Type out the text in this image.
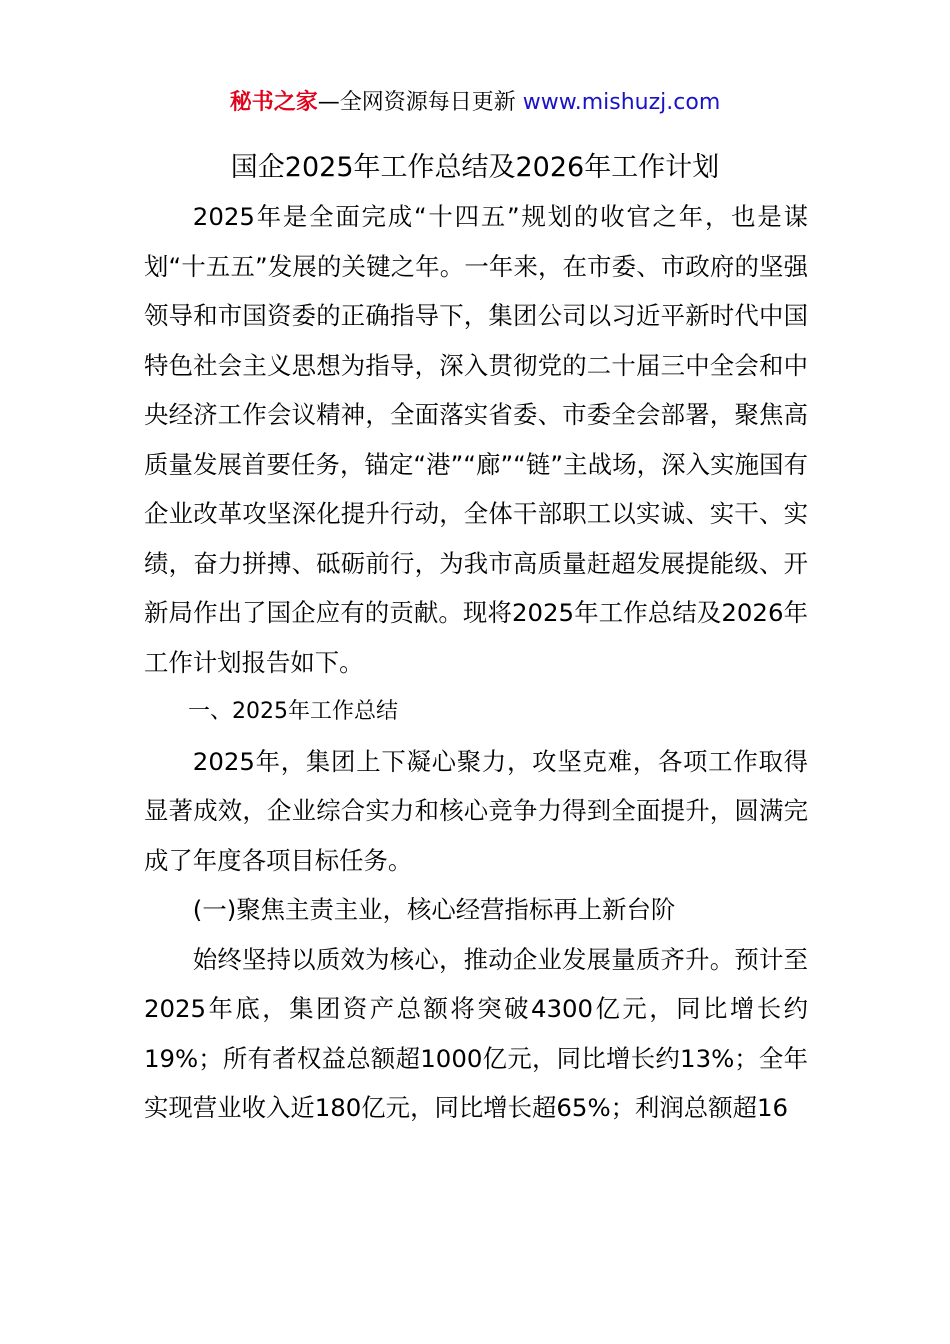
秘书之家—全网资源每日更新 www.mishuzj.com
国企2025年工作总结及2026年工作计划

2025年是全面完成“十四五”规划的收官之年，也是谋划“十五五”发展的关键之年。一年来，在市委、市政府的坚强领导和市国资委的正确指导下，集团公司以习近平新时代中国特色社会主义思想为指导，深入贯彻党的二十届三中全会和中央经济工作会议精神，全面落实省委、市委全会部署，聚焦高质量发展首要任务，锚定“港”“廊”“链”主战场，深入实施国有企业改革攻坚深化提升行动，全体干部职工以实诚、实干、实绩，奋力拼搏、砥砺前行，为我市高质量赶超发展提能级、开新局作出了国企应有的贡献。现将2025年工作总结及2026年工作计划报告如下。

一、2025年工作总结

2025年，集团上下凝心聚力，攻坚克难，各项工作取得显著成效，企业综合实力和核心竞争力得到全面提升，圆满完成了年度各项目标任务。

(一)聚焦主责主业，核心经营指标再上新台阶

始终坚持以质效为核心，推动企业发展量质齐升。预计至2025年底，集团资产总额将突破4300亿元，同比增长约19%；所有者权益总额超1000亿元，同比增长约13%；全年实现营业收入近180亿元，同比增长超65%；利润总额超16
